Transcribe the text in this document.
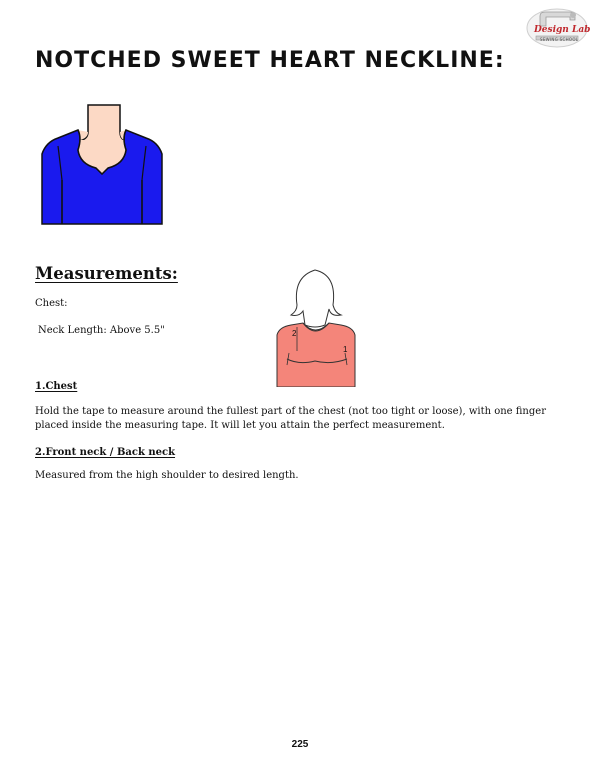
Design Lab
SEWING SCHOOL
NOTCHED SWEET HEART NECKLINE:
2
1
Measurements:
Chest:
Neck Length: Above 5.5"
1.Chest
Hold the tape to measure around the fullest part of the chest (not too tight or loose), with one finger placed inside the measuring tape. It will let you attain the perfect measurement.
2.Front neck / Back neck
Measured from the high shoulder to desired length.
225
